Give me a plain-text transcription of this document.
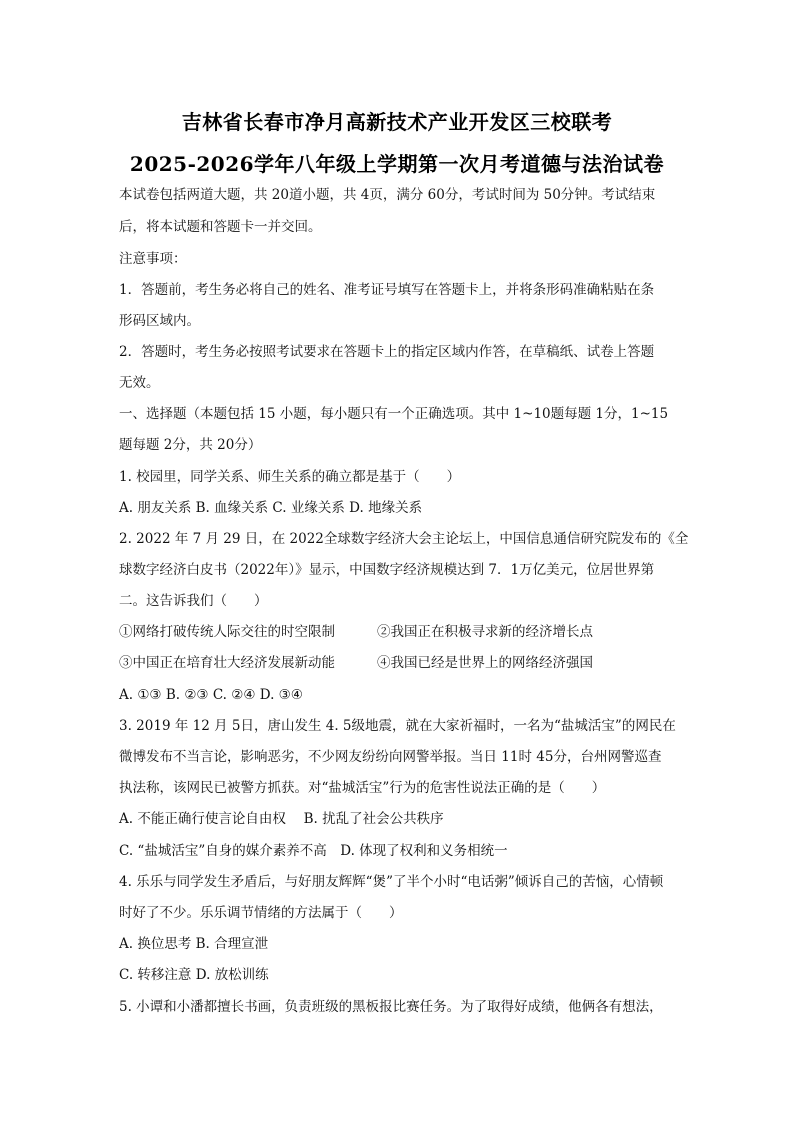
吉林省长春市净月高新技术产业开发区三校联考
2025-2026学年八年级上学期第一次月考道德与法治试卷
本试卷包括两道大题，共 20道小题，共 4页，满分 60分，考试时间为 50分钟。考试结束
后，将本试题和答题卡一并交回。
注意事项：
1．答题前，考生务必将自己的姓名、准考证号填写在答题卡上，并将条形码准确粘贴在条
形码区域内。
2．答题时，考生务必按照考试要求在答题卡上的指定区域内作答，在草稿纸、试卷上答题
无效。
一、选择题（本题包括 15 小题，每小题只有一个正确选项。其中 1~10题每题 1分，1~15
题每题 2分，共 20分）
1. 校园里，同学关系、师生关系的确立都是基于（　　）
A. 朋友关系 B. 血缘关系 C. 业缘关系 D. 地缘关系
2. 2022 年 7 月 29 日，在 2022全球数字经济大会主论坛上，中国信息通信研究院发布的《全
球数字经济白皮书（2022年）》显示，中国数字经济规模达到 7．1万亿美元，位居世界第
二。这告诉我们（　　）
①网络打破传统人际交往的时空限制	②我国正在积极寻求新的经济增长点
③中国正在培育壮大经济发展新动能	④我国已经是世界上的网络经济强国
A. ①③ B. ②③ C. ②④ D. ③④
3. 2019 年 12 月 5日，唐山发生 4. 5级地震，就在大家祈福时，一名为“盐城活宝”的网民在
微博发布不当言论，影响恶劣，不少网友纷纷向网警举报。当日 11时 45分，台州网警巡查
执法称，该网民已被警方抓获。对“盐城活宝”行为的危害性说法正确的是（　　）
A. 不能正确行使言论自由权　 B. 扰乱了社会公共秩序
C. “盐城活宝”自身的媒介素养不高　D. 体现了权利和义务相统一
4. 乐乐与同学发生矛盾后，与好朋友辉辉“煲”了半个小时“电话粥”倾诉自己的苦恼，心情顿
时好了不少。乐乐调节情绪的方法属于（　　）
A. 换位思考 B. 合理宣泄
C. 转移注意 D. 放松训练
5. 小谭和小潘都擅长书画，负责班级的黑板报比赛任务。为了取得好成绩，他俩各有想法，
